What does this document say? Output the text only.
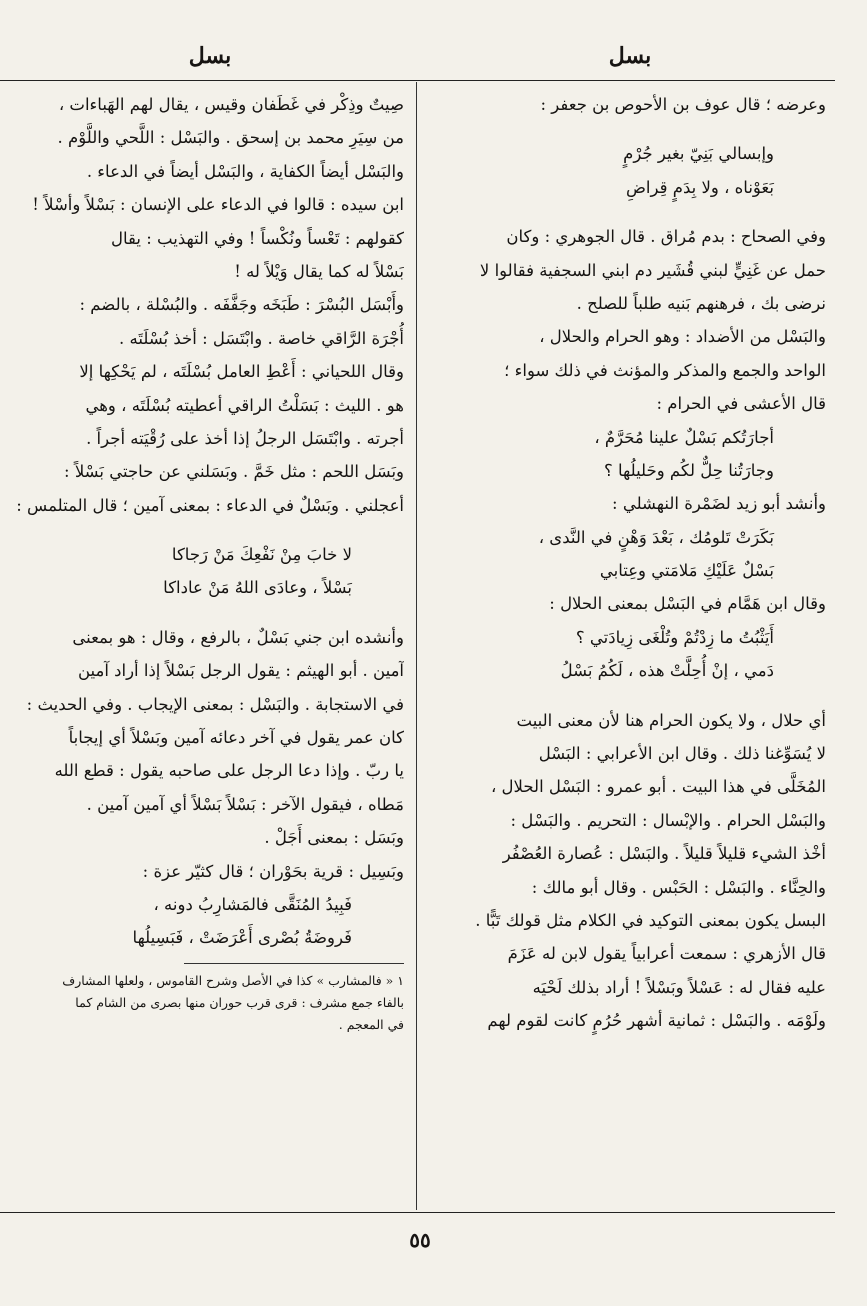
بسل
بسل
وعرضه ؛ قال عوف بن الأحوص بن جعفر :
وإبسالي بَنِيّ بغير جُرْمٍ
بَعَوْناه ، ولا بِدَمٍ قِراضِ
وفي الصحاح : بدم مُراق . قال الجوهري : وكان
حمل عن غَنِيٍّ لبني قُشَير دم ابني السجفية فقالوا لا
نرضى بك ، فرهنهم بَنيه طلباً للصلح .
والبَسْل من الأضداد : وهو الحرام والحلال ،
الواحد والجمع والمذكر والمؤنث في ذلك سواء ؛
قال الأعشى في الحرام :
أجارَتُكم بَسْلٌ علينا مُحَرَّمٌ ،
وجارَتُنا حِلٌّ لكُم وحَليلُها ؟
وأنشد أبو زيد لضَمْرة النهشلي :
بَكَرَتْ تَلومُك ، بَعْدَ وَهْنٍ في النَّدى ،
بَسْلٌ عَلَيْكِ مَلامَتي وعِتابي
وقال ابن هَمَّام في البَسْل بمعنى الحلال :
أَيَثْبُتُ ما زِدْتُمْ وتُلْغَى زِيادَتي ؟
دَمي ، إنْ أُحِلَّتْ هذه ، لَكُمُ بَسْلُ
أي حلال ، ولا يكون الحرام هنا لأن معنى البيت
لا يُسَوِّغنا ذلك . وقال ابن الأعرابي : البَسْل
المُخَلَّى في هذا البيت . أبو عمرو : البَسْل الحلال ،
والبَسْل الحرام . والإبْسال : التحريم . والبَسْل :
أخْذ الشيء قليلاً قليلاً . والبَسْل : عُصارة العُصْفُر
والحِنَّاء . والبَسْل : الحَبْس . وقال أبو مالك :
البسل يكون بمعنى التوكيد في الكلام مثل قولك تَبًّا .
قال الأزهري : سمعت أعرابياً يقول لابن له عَزَمَ
عليه فقال له : عَسْلاً وبَسْلاً ! أراد بذلك لَحْيَه
ولَوْمَه . والبَسْل : ثمانية أشهر حُرُمٍ كانت لقوم لهم
صِيتٌ وذِكْر في غَطَفان وقيس ، يقال لهم الهَباءات ،
من سِيَرِ محمد بن إسحق . والبَسْل : اللَّحي واللَّوْم .
والبَسْل أيضاً الكفاية ، والبَسْل أيضاً في الدعاء .
ابن سيده : قالوا في الدعاء على الإنسان : بَسْلاً وأسْلاً !
كقولهم : تَعْساً ونُكْساً ! وفي التهذيب : يقال
بَسْلاً له كما يقال وَيْلاً له !
وأَبْسَل البُسْرَ : طَبَخَه وجَفَّفَه . والبُسْلة ، بالضم :
أُجْرَة الرَّاقي خاصة . وابْتَسَل : أخذ بُسْلَتَه .
وقال اللحياني : أَعْطِ العامل بُسْلَتَه ، لم يَحْكِها إلا
هو . الليث : بَسَلْتُ الراقي أعطيته بُسْلَتَه ، وهي
أجرته . وابْتَسَل الرجلُ إذا أخذ على رُقْيَته أجراً .
وبَسَل اللحم : مثل خَمَّ . وبَسَلني عن حاجتي بَسْلاً :
أعجلني . وبَسْلٌ في الدعاء : بمعنى آمين ؛ قال المتلمس :
لا خابَ مِنْ نَفْعِكَ مَنْ رَجاكا
بَسْلاً ، وعادَى اللهُ مَنْ عاداكا
وأنشده ابن جني بَسْلٌ ، بالرفع ، وقال : هو بمعنى
آمين . أبو الهيثم : يقول الرجل بَسْلاً إذا أراد آمين
في الاستجابة . والبَسْل : بمعنى الإيجاب . وفي الحديث :
كان عمر يقول في آخر دعائه آمين وبَسْلاً أي إيجاباً
يا ربّ . وإذا دعا الرجل على صاحبه يقول : قطع الله
مَطاه ، فيقول الآخر : بَسْلاً بَسْلاً أي آمين آمين .
وبَسَل : بمعنى أَجَلْ .
وبَسِيل : قرية بحَوْران ؛ قال كثيّر عزة :
فَبِيدُ المُنَقَّى فالمَشارِبُ دونه ،
فَروضَةُ بُصْرى أَعْرَضَتْ ، فَبَسِيلُها
١ « فالمشارب » كذا في الأصل وشرح القاموس ، ولعلها المشارف
بالفاء جمع مشرف : قرى قرب حوران منها بصرى من الشام كما
في المعجم .
٥٥
